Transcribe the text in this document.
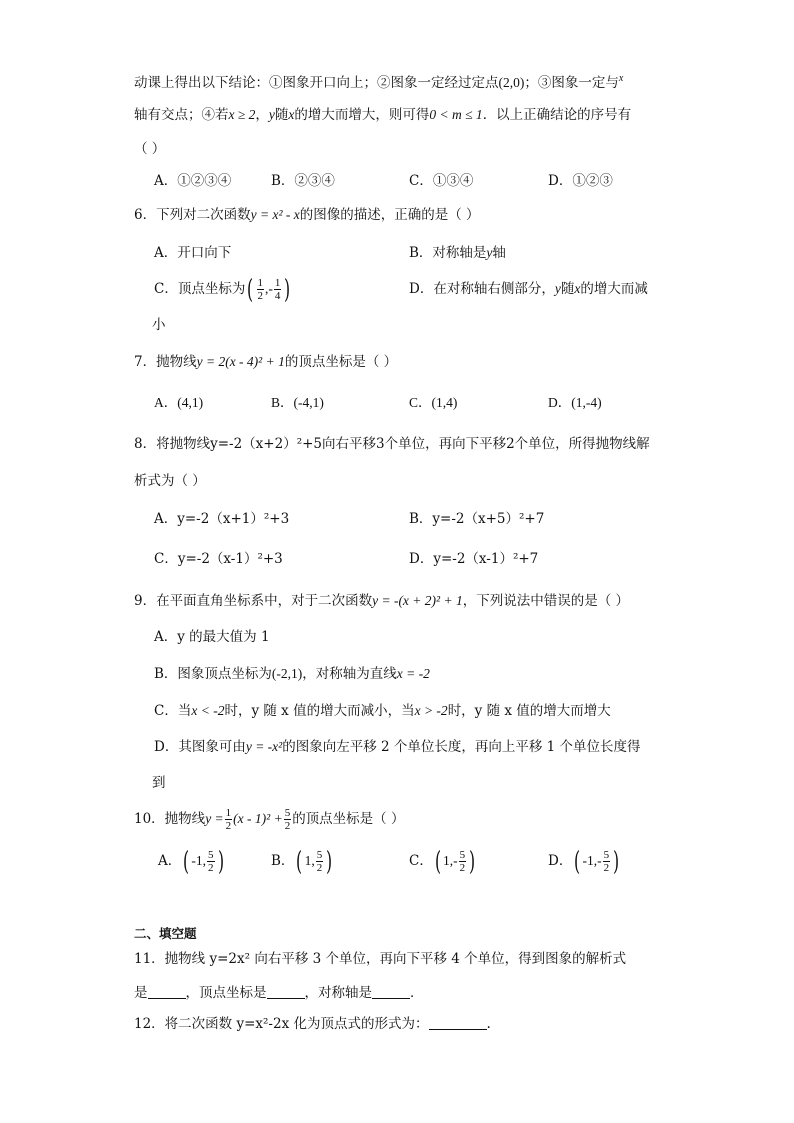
动课上得出以下结论：①图象开口向上；②图象一定经过定点(2,0)；③图象一定与$^x$
轴有交点；④若x ≥ 2，y随x的增大而增大，则可得0 < m ≤ 1．以上正确结论的序号有
（ ）
A．①②③④	B．②③④	C．①③④	D．①②③
6．下列对二次函数y = x² - x的图像的描述，正确的是（ ）
A．开口向下	B．对称轴是y轴
C．顶点坐标为( $\frac{1}{2}$ ,- $\frac{1}{4}$ )	D．在对称轴右侧部分，y随x的增大而减
小
7．抛物线y = 2(x - 4)² + 1的顶点坐标是（ ）
A．(4,1)	B．(-4,1)	C．(1,4)	D．(1,-4)
8．将抛物线y=-2（x+2）²+5向右平移3个单位，再向下平移2个单位，所得抛物线解
析式为（ ）
A．y=-2（x+1）²+3	B．y=-2（x+5）²+7
C．y=-2（x-1）²+3	D．y=-2（x-1）²+7
9．在平面直角坐标系中，对于二次函数y = -(x + 2)² + 1，下列说法中错误的是（ ）
A．y 的最大值为 1
B．图象顶点坐标为(-2,1)，对称轴为直线x = -2
C．当x < -2时，y 随 x 值的增大而减小，当x > -2时，y 随 x 值的增大而增大
D．其图象可由y = -x²的图象向左平移 2 个单位长度，再向上平移 1 个单位长度得
到
10．抛物线$y = \frac{1}{2} (x - 1)^2 + \frac{5}{2}$ 的顶点坐标是（ ）
A．( -1, $\frac{5}{2}$ )	B．( 1, $\frac{5}{2}$ )	C．( $1,- \frac{5}{2}$ )	D．( $-1,- \frac{5}{2}$ )
二、填空题
11．抛物线 y=2x² 向右平移 3 个单位，再向下平移 4 个单位，得到图象的解析式
是	，顶点坐标是	，对称轴是	．
12．将二次函数 y=x²-2x 化为顶点式的形式为：	.
